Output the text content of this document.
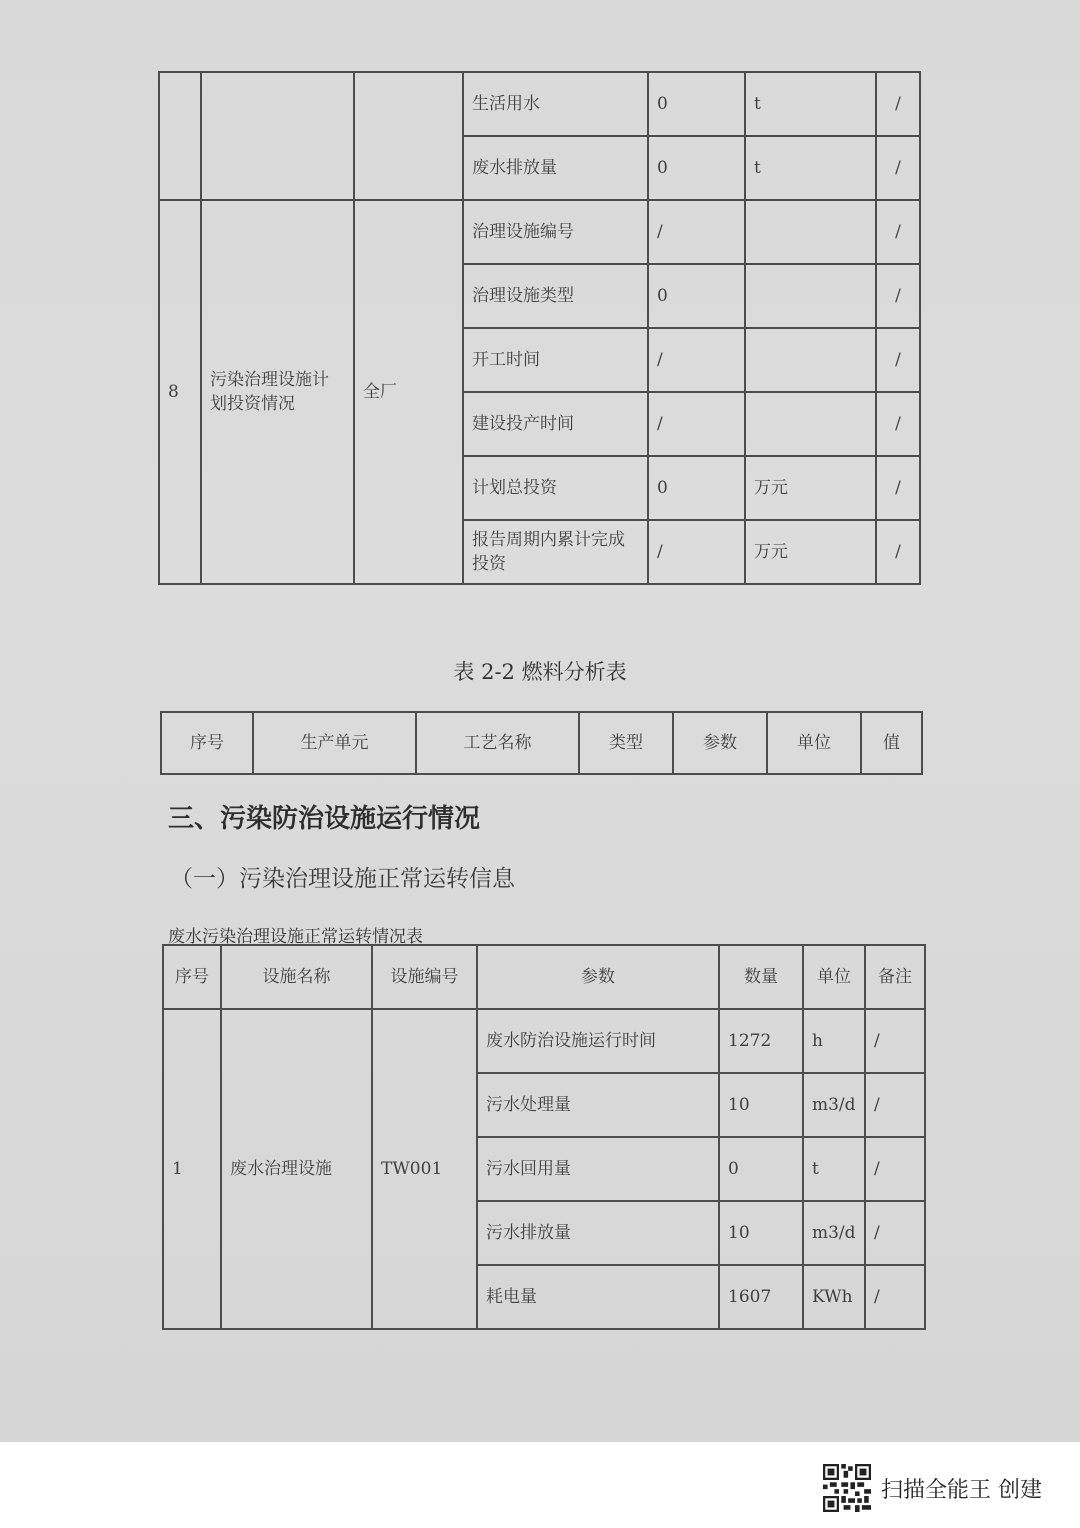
			生活用水	0	t	/
			废水排放量	0	t	/
8	污染治理设施计划投资情况	全厂	治理设施编号	/		/
			治理设施类型	0		/
			开工时间	/		/
			建设投产时间	/		/
			计划总投资	0	万元	/
			报告周期内累计完成投资	/	万元	/
表 2-2 燃料分析表
序号	生产单元	工艺名称	类型	参数	单位	值
三、污染防治设施运行情况
（一）污染治理设施正常运转信息
废水污染治理设施正常运转情况表
序号	设施名称	设施编号	参数	数量	单位	备注
1	废水治理设施	TW001	废水防治设施运行时间	1272	h	/
			污水处理量	10	m3/d	/
			污水回用量	0	t	/
			污水排放量	10	m3/d	/
			耗电量	1607	KWh	/
扫描全能王 创建
